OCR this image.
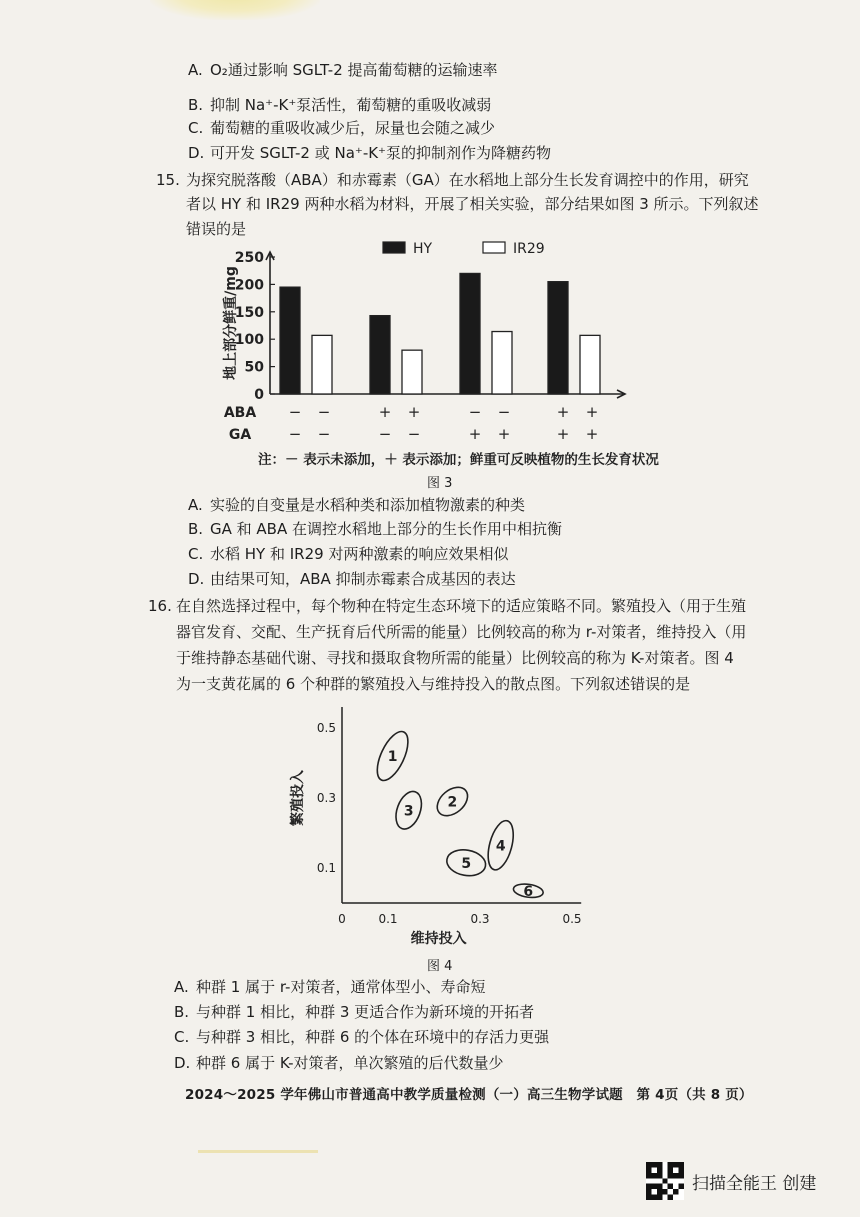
A. O₂通过影响 SGLT-2 提高葡萄糖的运输速率
B. 抑制 Na⁺-K⁺泵活性，葡萄糖的重吸收减弱
C. 葡萄糖的重吸收减少后，尿量也会随之减少
D. 可开发 SGLT-2 或 Na⁺-K⁺泵的抑制剂作为降糖药物
15. 为探究脱落酸（ABA）和赤霉素（GA）在水稻地上部分生长发育调控中的作用，研究
者以 HY 和 IR29 两种水稻为材料，开展了相关实验，部分结果如图 3 所示。下列叙述
错误的是
0
50
100
150
200
250
地上部分鲜重/mg
HY	IR29
ABA − −	+ +	− −	+ +
GA	− −	− −	+ +	+ +
注：－ 表示未添加，＋ 表示添加；鲜重可反映植物的生长发育状况
图 3
A. 实验的自变量是水稻种类和添加植物激素的种类
B. GA 和 ABA 在调控水稻地上部分的生长作用中相抗衡
C. 水稻 HY 和 IR29 对两种激素的响应效果相似
D. 由结果可知，ABA 抑制赤霉素合成基因的表达
16. 在自然选择过程中，每个物种在特定生态环境下的适应策略不同。繁殖投入（用于生殖
器官发育、交配、生产抚育后代所需的能量）比例较高的称为 r-对策者，维持投入（用
于维持静态基础代谢、寻找和摄取食物所需的能量）比例较高的称为 K-对策者。图 4
为一支黄花属的 6 个种群的繁殖投入与维持投入的散点图。下列叙述错误的是
0	0.1	0.3	0.5
0.1
0.3
0.5
维持投入
繁殖投入
1
2
3
4
5
6
图 4
A. 种群 1 属于 r-对策者，通常体型小、寿命短
B. 与种群 1 相比，种群 3 更适合作为新环境的开拓者
C. 与种群 3 相比，种群 6 的个体在环境中的存活力更强
D. 种群 6 属于 K-对策者，单次繁殖的后代数量少
2024～2025 学年佛山市普通高中教学质量检测（一）高三生物学试题　第 4页（共 8 页）
扫描全能王 创建
